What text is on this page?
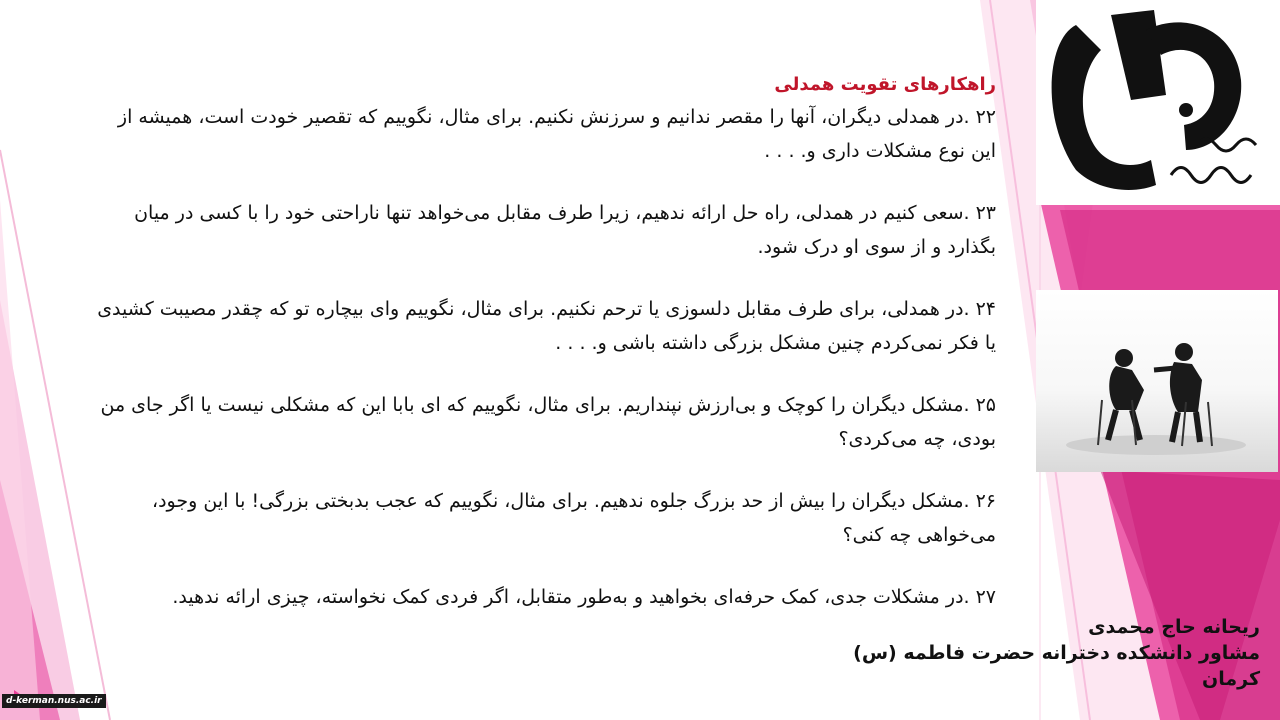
راهکارهای تقویت همدلی
۲۲.در همدلی دیگران، آنها را مقصر ندانیم و سرزنش نکنیم. برای مثال، نگوییم که تقصیر خودت است، همیشه از این نوع مشکلات داری و. . . .
۲۳.سعی کنیم در همدلی، راه حل ارائه ندهیم، زیرا طرف مقابل می‌خواهد تنها ناراحتی خود را با کسی در میان بگذارد و از سوی او درک شود.
۲۴.در همدلی، برای طرف مقابل دلسوزی یا ترحم نکنیم. برای مثال، نگوییم وای بیچاره تو که چقدر مصیبت کشیدی یا فکر نمی‌کردم چنین مشکل بزرگی داشته باشی و. . . .
۲۵.مشکل دیگران را کوچک و بی‌ارزش نپنداریم. برای مثال، نگوییم که ای بابا این که مشکلی نیست یا اگر جای من بودی، چه می‌کردی؟
۲۶.مشکل دیگران را بیش از حد بزرگ جلوه ندهیم. برای مثال، نگوییم که عجب بدبختی بزرگی! با این وجود، می‌خواهی چه کنی؟
۲۷.در مشکلات جدی، کمک حرفه‌ای بخواهید و به‌طور متقابل، اگر فردی کمک نخواسته، چیزی ارائه ندهید.
ریحانه حاج محمدی
مشاور دانشکده دخترانه حضرت فاطمه (س)
کرمان
d-kerman.nus.ac.ir
